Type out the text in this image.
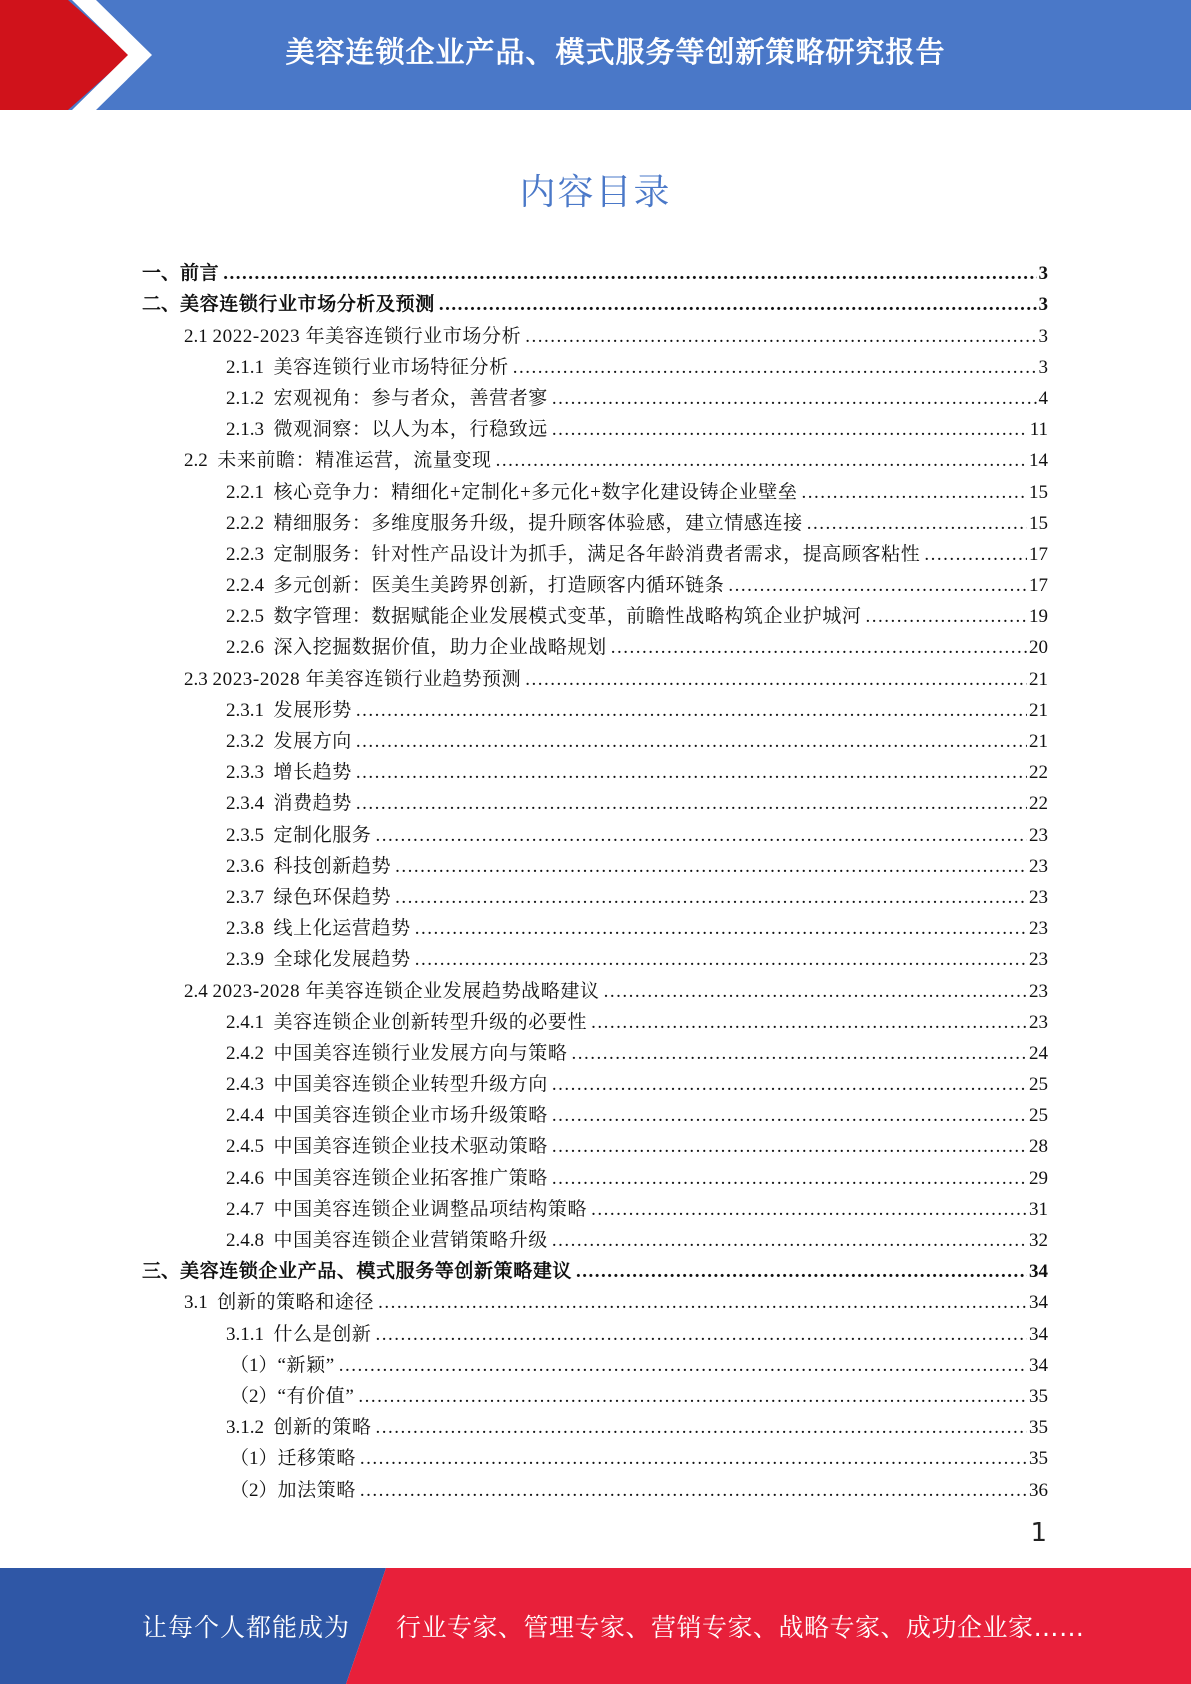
美容连锁企业产品、模式服务等创新策略研究报告
内容目录
一、 前言 .....	3
二、 美容连锁行业市场分析及预测 .....	3
2.1 2022-2023 年美容连锁行业市场分析 .....	3
2.1.1 美容连锁行业市场特征分析 .....	3
2.1.2 宏观视角：参与者众，善营者寥 .....	4
2.1.3 微观洞察：以人为本，行稳致远 .....	11
2.2 未来前瞻：精准运营，流量变现 .....	14
2.2.1 核心竞争力：精细化+定制化+多元化+数字化建设铸企业壁垒 .....	15
2.2.2 精细服务：多维度服务升级，提升顾客体验感，建立情感连接 .....	15
2.2.3 定制服务：针对性产品设计为抓手，满足各年龄消费者需求，提高顾客粘性 .....	17
2.2.4 多元创新：医美生美跨界创新，打造顾客内循环链条 .....	17
2.2.5 数字管理：数据赋能企业发展模式变革，前瞻性战略构筑企业护城河 .....	19
2.2.6 深入挖掘数据价值，助力企业战略规划 .....	20
2.3 2023-2028 年美容连锁行业趋势预测 .....	21
2.3.1 发展形势 .....	21
2.3.2 发展方向 .....	21
2.3.3 增长趋势 .....	22
2.3.4 消费趋势 .....	22
2.3.5 定制化服务 .....	23
2.3.6 科技创新趋势 .....	23
2.3.7 绿色环保趋势 .....	23
2.3.8 线上化运营趋势 .....	23
2.3.9 全球化发展趋势 .....	23
2.4 2023-2028 年美容连锁企业发展趋势战略建议 .....	23
2.4.1 美容连锁企业创新转型升级的必要性 .....	23
2.4.2 中国美容连锁行业发展方向与策略 .....	24
2.4.3 中国美容连锁企业转型升级方向 .....	25
2.4.4 中国美容连锁企业市场升级策略 .....	25
2.4.5 中国美容连锁企业技术驱动策略 .....	28
2.4.6 中国美容连锁企业拓客推广策略 .....	29
2.4.7 中国美容连锁企业调整品项结构策略 .....	31
2.4.8 中国美容连锁企业营销策略升级 .....	32
三、 美容连锁企业产品、模式服务等创新策略建议 .....	34
3.1 创新的策略和途径 .....	34
3.1.1 什么是创新 .....	34
（1） “新颖” .....	34
（2） “有价值” .....	35
3.1.2 创新的策略 .....	35
（1） 迁移策略 .....	35
（2） 加法策略 .....	36
1
让每个人都能成为 行业专家、管理专家、营销专家、战略专家、成功企业家……
